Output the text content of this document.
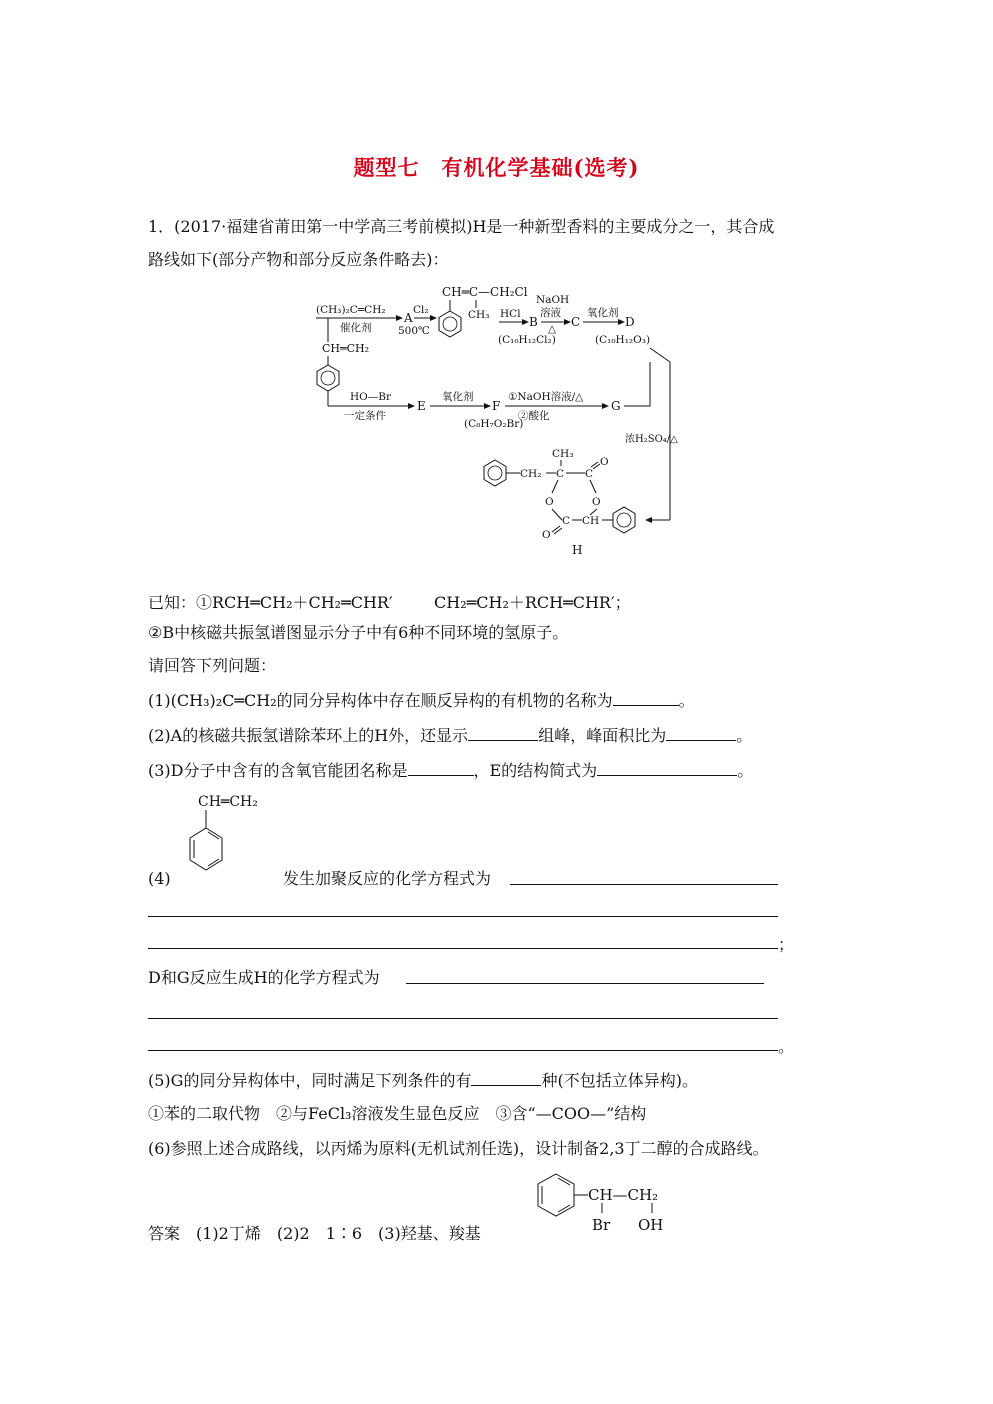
题型七　有机化学基础(选考)
1．(2017·福建省莆田第一中学高三考前模拟)H是一种新型香料的主要成分之一，其合成
路线如下(部分产物和部分反应条件略去)：
(CH₃)₂C═CH₂
催化剂
A
Cl₂
500℃
CH═C—CH₂Cl
CH₃ HCl
B
(C₁₀H₁₂Cl₂)
NaOH
溶液
△ C
氧化剂
D
(C₁₀H₁₂O₃)
浓H₂SO₄/△
CH═CH₂
HO—Br
一定条件
E
氧化剂
F
(C₈H₇O₂Br)
①NaOH溶液/△
②酸化
G
CH₂ C
CH₃
C
O
O
O
C
O
CH
H
已知：①RCH═CH₂＋CH₂═CHR′	CH₂═CH₂＋RCH═CHR′；
②B中核磁共振氢谱图显示分子中有6种不同环境的氢原子。
请回答下列问题：
(1)(CH₃)₂C═CH₂的同分异构体中存在顺反异构的有机物的名称为	。
(2)A的核磁共振氢谱除苯环上的H外，还显示	组峰，峰面积比为	。
(3)D分子中含有的含氧官能团名称是	，E的结构简式为	。
CH═CH₂
(4)	发生加聚反应的化学方程式为
；
D和G反应生成H的化学方程式为
。
(5)G的同分异构体中，同时满足下列条件的有	种(不包括立体异构)。
①苯的二取代物　②与FeCl₃溶液发生显色反应　③含“—COO—”结构
(6)参照上述合成路线，以丙烯为原料(无机试剂任选)，设计制备2,3丁二醇的合成路线。
答案　(1)2丁烯　(2)2　1∶6　(3)羟基、羧基
CH—CH₂
Br OH
